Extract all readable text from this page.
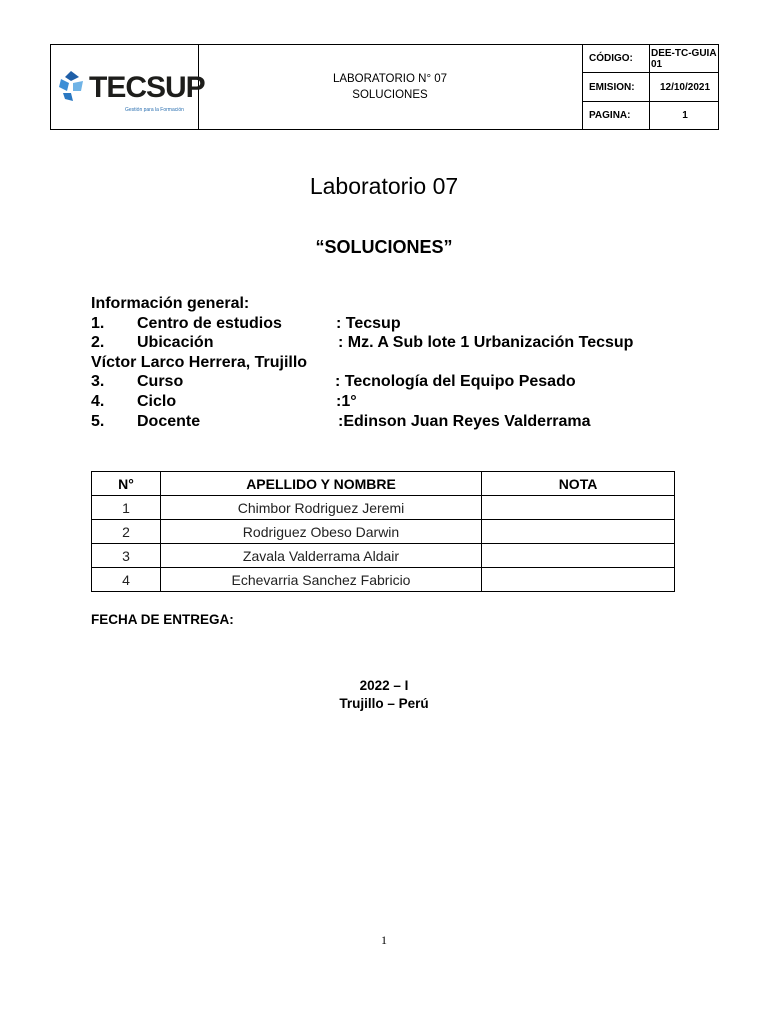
TECSUP
Gestión para la Formación
LABORATORIO N° 07
SOLUCIONES
CÓDIGO:	DEE-TC-GUIA 01
EMISION:	12/10/2021
PAGINA:	1
Laboratorio 07
“SOLUCIONES”
Información general:
1. Centro de estudios	: Tecsup
2. Ubicación	: Mz. A Sub lote 1 Urbanización Tecsup
Víctor Larco Herrera, Trujillo
3. Curso	: Tecnología del Equipo Pesado
4. Ciclo	:1°
5. Docente	:Edinson Juan Reyes Valderrama
N°	APELLIDO Y NOMBRE	NOTA
1	Chimbor Rodriguez Jeremi	
2	Rodriguez Obeso Darwin	
3	Zavala Valderrama Aldair	
4	Echevarria Sanchez Fabricio	
FECHA DE ENTREGA:
2022 – I
Trujillo – Perú
1
